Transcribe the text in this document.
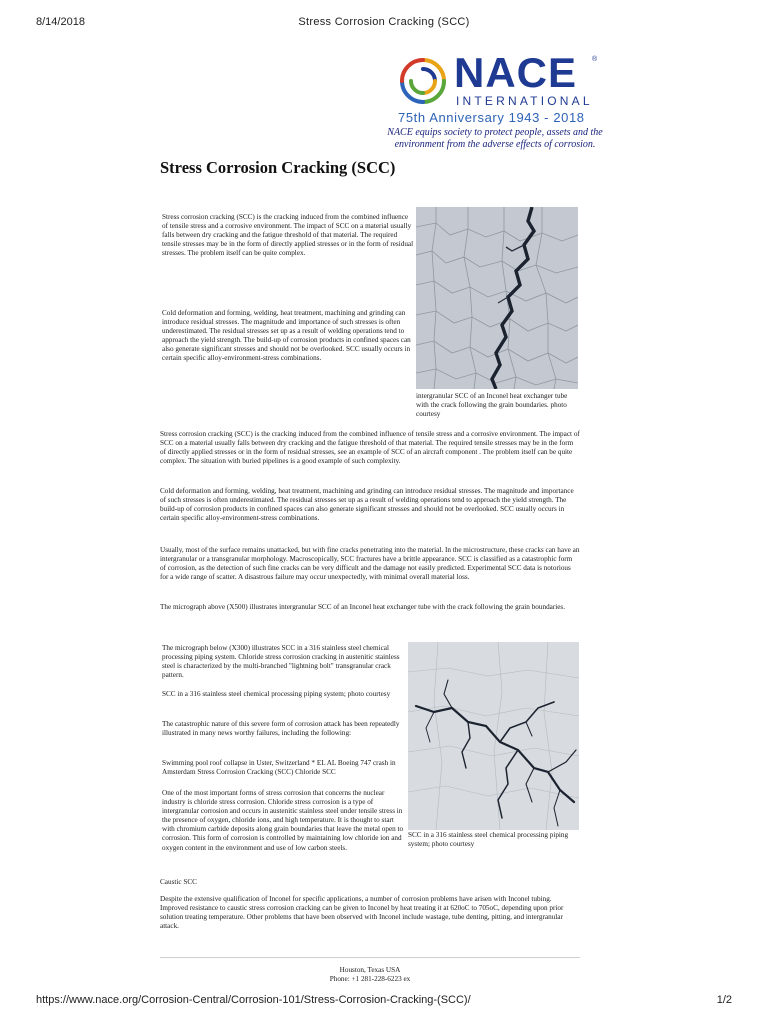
8/14/2018	Stress Corrosion Cracking (SCC)
NACE ®
INTERNATIONAL
75th Anniversary 1943 - 2018
NACE equips society to protect people, assets and the environment from the adverse effects of corrosion.
Stress Corrosion Cracking (SCC)

Stress corrosion cracking (SCC) is the cracking induced from the combined influence of tensile stress and a corrosive environment. The impact of SCC on a material usually falls between dry cracking and the fatigue threshold of that material. The required tensile stresses may be in the form of directly applied stresses or in the form of residual stresses. The problem itself can be quite complex.

Cold deformation and forming, welding, heat treatment, machining and grinding can introduce residual stresses. The magnitude and importance of such stresses is often underestimated. The residual stresses set up as a result of welding operations tend to approach the yield strength. The build-up of corrosion products in confined spaces can also generate significant stresses and should not be overlooked. SCC usually occurs in certain specific alloy-environment-stress combinations.

intergranular SCC of an Inconel heat exchanger tube with the crack following the grain boundaries. photo courtesy

Stress corrosion cracking (SCC) is the cracking induced from the combined influence of tensile stress and a corrosive environment. The impact of SCC on a material usually falls between dry cracking and the fatigue threshold of that material. The required tensile stresses may be in the form of directly applied stresses or in the form of residual stresses, see an example of SCC of an aircraft component . The problem itself can be quite complex. The situation with buried pipelines is a good example of such complexity.

Cold deformation and forming, welding, heat treatment, machining and grinding can introduce residual stresses. The magnitude and importance of such stresses is often underestimated. The residual stresses set up as a result of welding operations tend to approach the yield strength. The build-up of corrosion products in confined spaces can also generate significant stresses and should not be overlooked. SCC usually occurs in certain specific alloy-environment-stress combinations.

Usually, most of the surface remains unattacked, but with fine cracks penetrating into the material. In the microstructure, these cracks can have an intergranular or a transgranular morphology. Macroscopically, SCC fractures have a brittle appearance. SCC is classified as a catastrophic form of corrosion, as the detection of such fine cracks can be very difficult and the damage not easily predicted. Experimental SCC data is notorious for a wide range of scatter. A disastrous failure may occur unexpectedly, with minimal overall material loss.

The micrograph above (X500) illustrates intergranular SCC of an Inconel heat exchanger tube with the crack following the grain boundaries.

The micrograph below (X300) illustrates SCC in a 316 stainless steel chemical processing piping system. Chloride stress corrosion cracking in austenitic stainless steel is characterized by the multi-branched "lightning bolt" transgranular crack pattern.

SCC in a 316 stainless steel chemical processing piping system; photo courtesy

The catastrophic nature of this severe form of corrosion attack has been repeatedly illustrated in many news worthy failures, including the following:

Swimming pool roof collapse in Uster, Switzerland * EL AL Boeing 747 crash in Amsterdam Stress Corrosion Cracking (SCC) Chloride SCC

One of the most important forms of stress corrosion that concerns the nuclear industry is chloride stress corrosion. Chloride stress corrosion is a type of intergranular corrosion and occurs in austenitic stainless steel under tensile stress in the presence of oxygen, chloride ions, and high temperature. It is thought to start with chromium carbide deposits along grain boundaries that leave the metal open to corrosion. This form of corrosion is controlled by maintaining low chloride ion and oxygen content in the environment and use of low carbon steels.

SCC in a 316 stainless steel chemical processing piping system; photo courtesy

Caustic SCC

Despite the extensive qualification of Inconel for specific applications, a number of corrosion problems have arisen with Inconel tubing. Improved resistance to caustic stress corrosion cracking can be given to Inconel by heat treating it at 620oC to 705oC, depending upon prior solution treating temperature. Other problems that have been observed with Inconel include wastage, tube denting, pitting, and intergranular attack.

Houston, Texas USA
Phone: +1 281-228-6223 ex
https://www.nace.org/Corrosion-Central/Corrosion-101/Stress-Corrosion-Cracking-(SCC)/	1/2
